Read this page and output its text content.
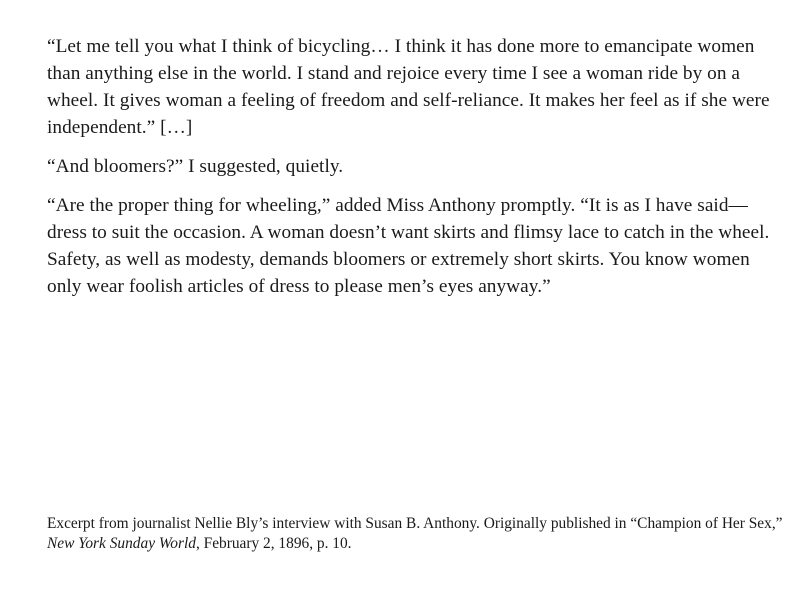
“Let me tell you what I think of bicycling… I think it has done more to emancipate women than anything else in the world. I stand and rejoice every time I see a woman ride by on a wheel. It gives woman a feeling of freedom and self-reliance. It makes her feel as if she were independent.” […]

“And bloomers?” I suggested, quietly.

“Are the proper thing for wheeling,” added Miss Anthony promptly. “It is as I have said—dress to suit the occasion. A woman doesn’t want skirts and flimsy lace to catch in the wheel. Safety, as well as modesty, demands bloomers or extremely short skirts. You know women only wear foolish articles of dress to please men’s eyes anyway.”

Excerpt from journalist Nellie Bly’s interview with Susan B. Anthony. Originally published in “Champion of Her Sex,” New York Sunday World, February 2, 1896, p. 10.
